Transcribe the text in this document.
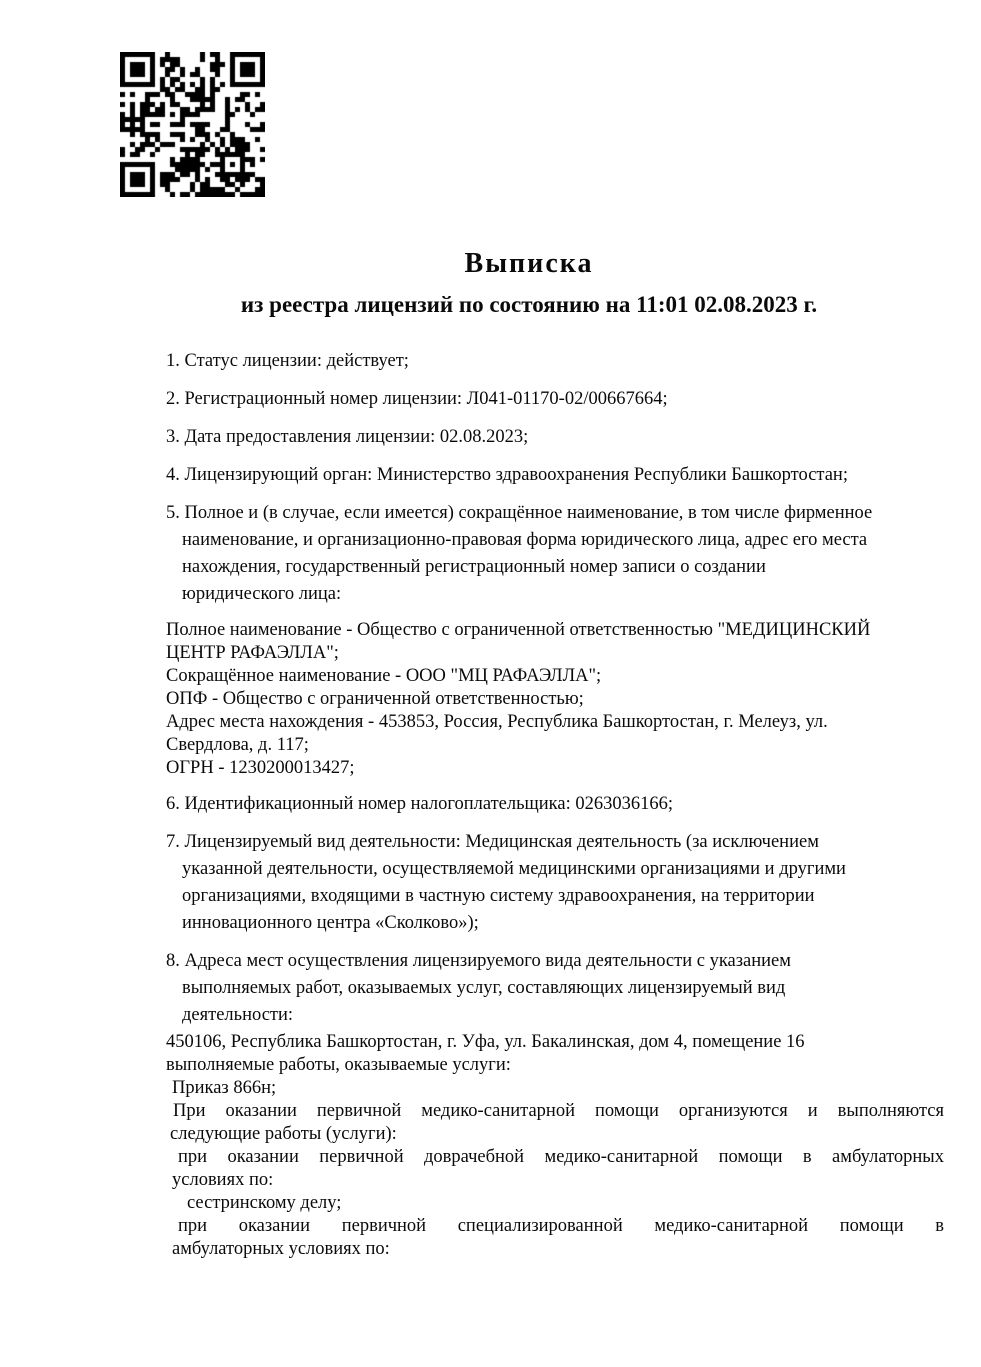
Выписка
из реестра лицензий по состоянию на 11:01 02.08.2023 г.
1. Статус лицензии: действует;
2. Регистрационный номер лицензии: Л041-01170-02/00667664;
3. Дата предоставления лицензии: 02.08.2023;
4. Лицензирующий орган: Министерство здравоохранения Республики Башкортостан;
5. Полное и (в случае, если имеется) сокращённое наименование, в том числе фирменное
наименование, и организационно-правовая форма юридического лица, адрес его места
нахождения, государственный регистрационный номер записи о создании
юридического лица:
Полное наименование - Общество с ограниченной ответственностью "МЕДИЦИНСКИЙ
ЦЕНТР РАФАЭЛЛА";
Сокращённое наименование - ООО "МЦ РАФАЭЛЛА";
ОПФ - Общество с ограниченной ответственностью;
Адрес места нахождения - 453853, Россия, Республика Башкортостан, г. Мелеуз, ул.
Свердлова, д. 117;
ОГРН - 1230200013427;
6. Идентификационный номер налогоплательщика: 0263036166;
7. Лицензируемый вид деятельности: Медицинская деятельность (за исключением
указанной деятельности, осуществляемой медицинскими организациями и другими
организациями, входящими в частную систему здравоохранения, на территории
инновационного центра «Сколково»);
8. Адреса мест осуществления лицензируемого вида деятельности с указанием
выполняемых работ, оказываемых услуг, составляющих лицензируемый вид
деятельности:
450106, Республика Башкортостан, г. Уфа, ул. Бакалинская, дом 4, помещение 16
выполняемые работы, оказываемые услуги:
Приказ 866н;
При оказании первичной медико-санитарной помощи организуются и выполняются
следующие работы (услуги):
при оказании первичной доврачебной медико-санитарной помощи в амбулаторных
условиях по:
сестринскому делу;
при оказании первичной специализированной медико-санитарной помощи в
амбулаторных условиях по:
